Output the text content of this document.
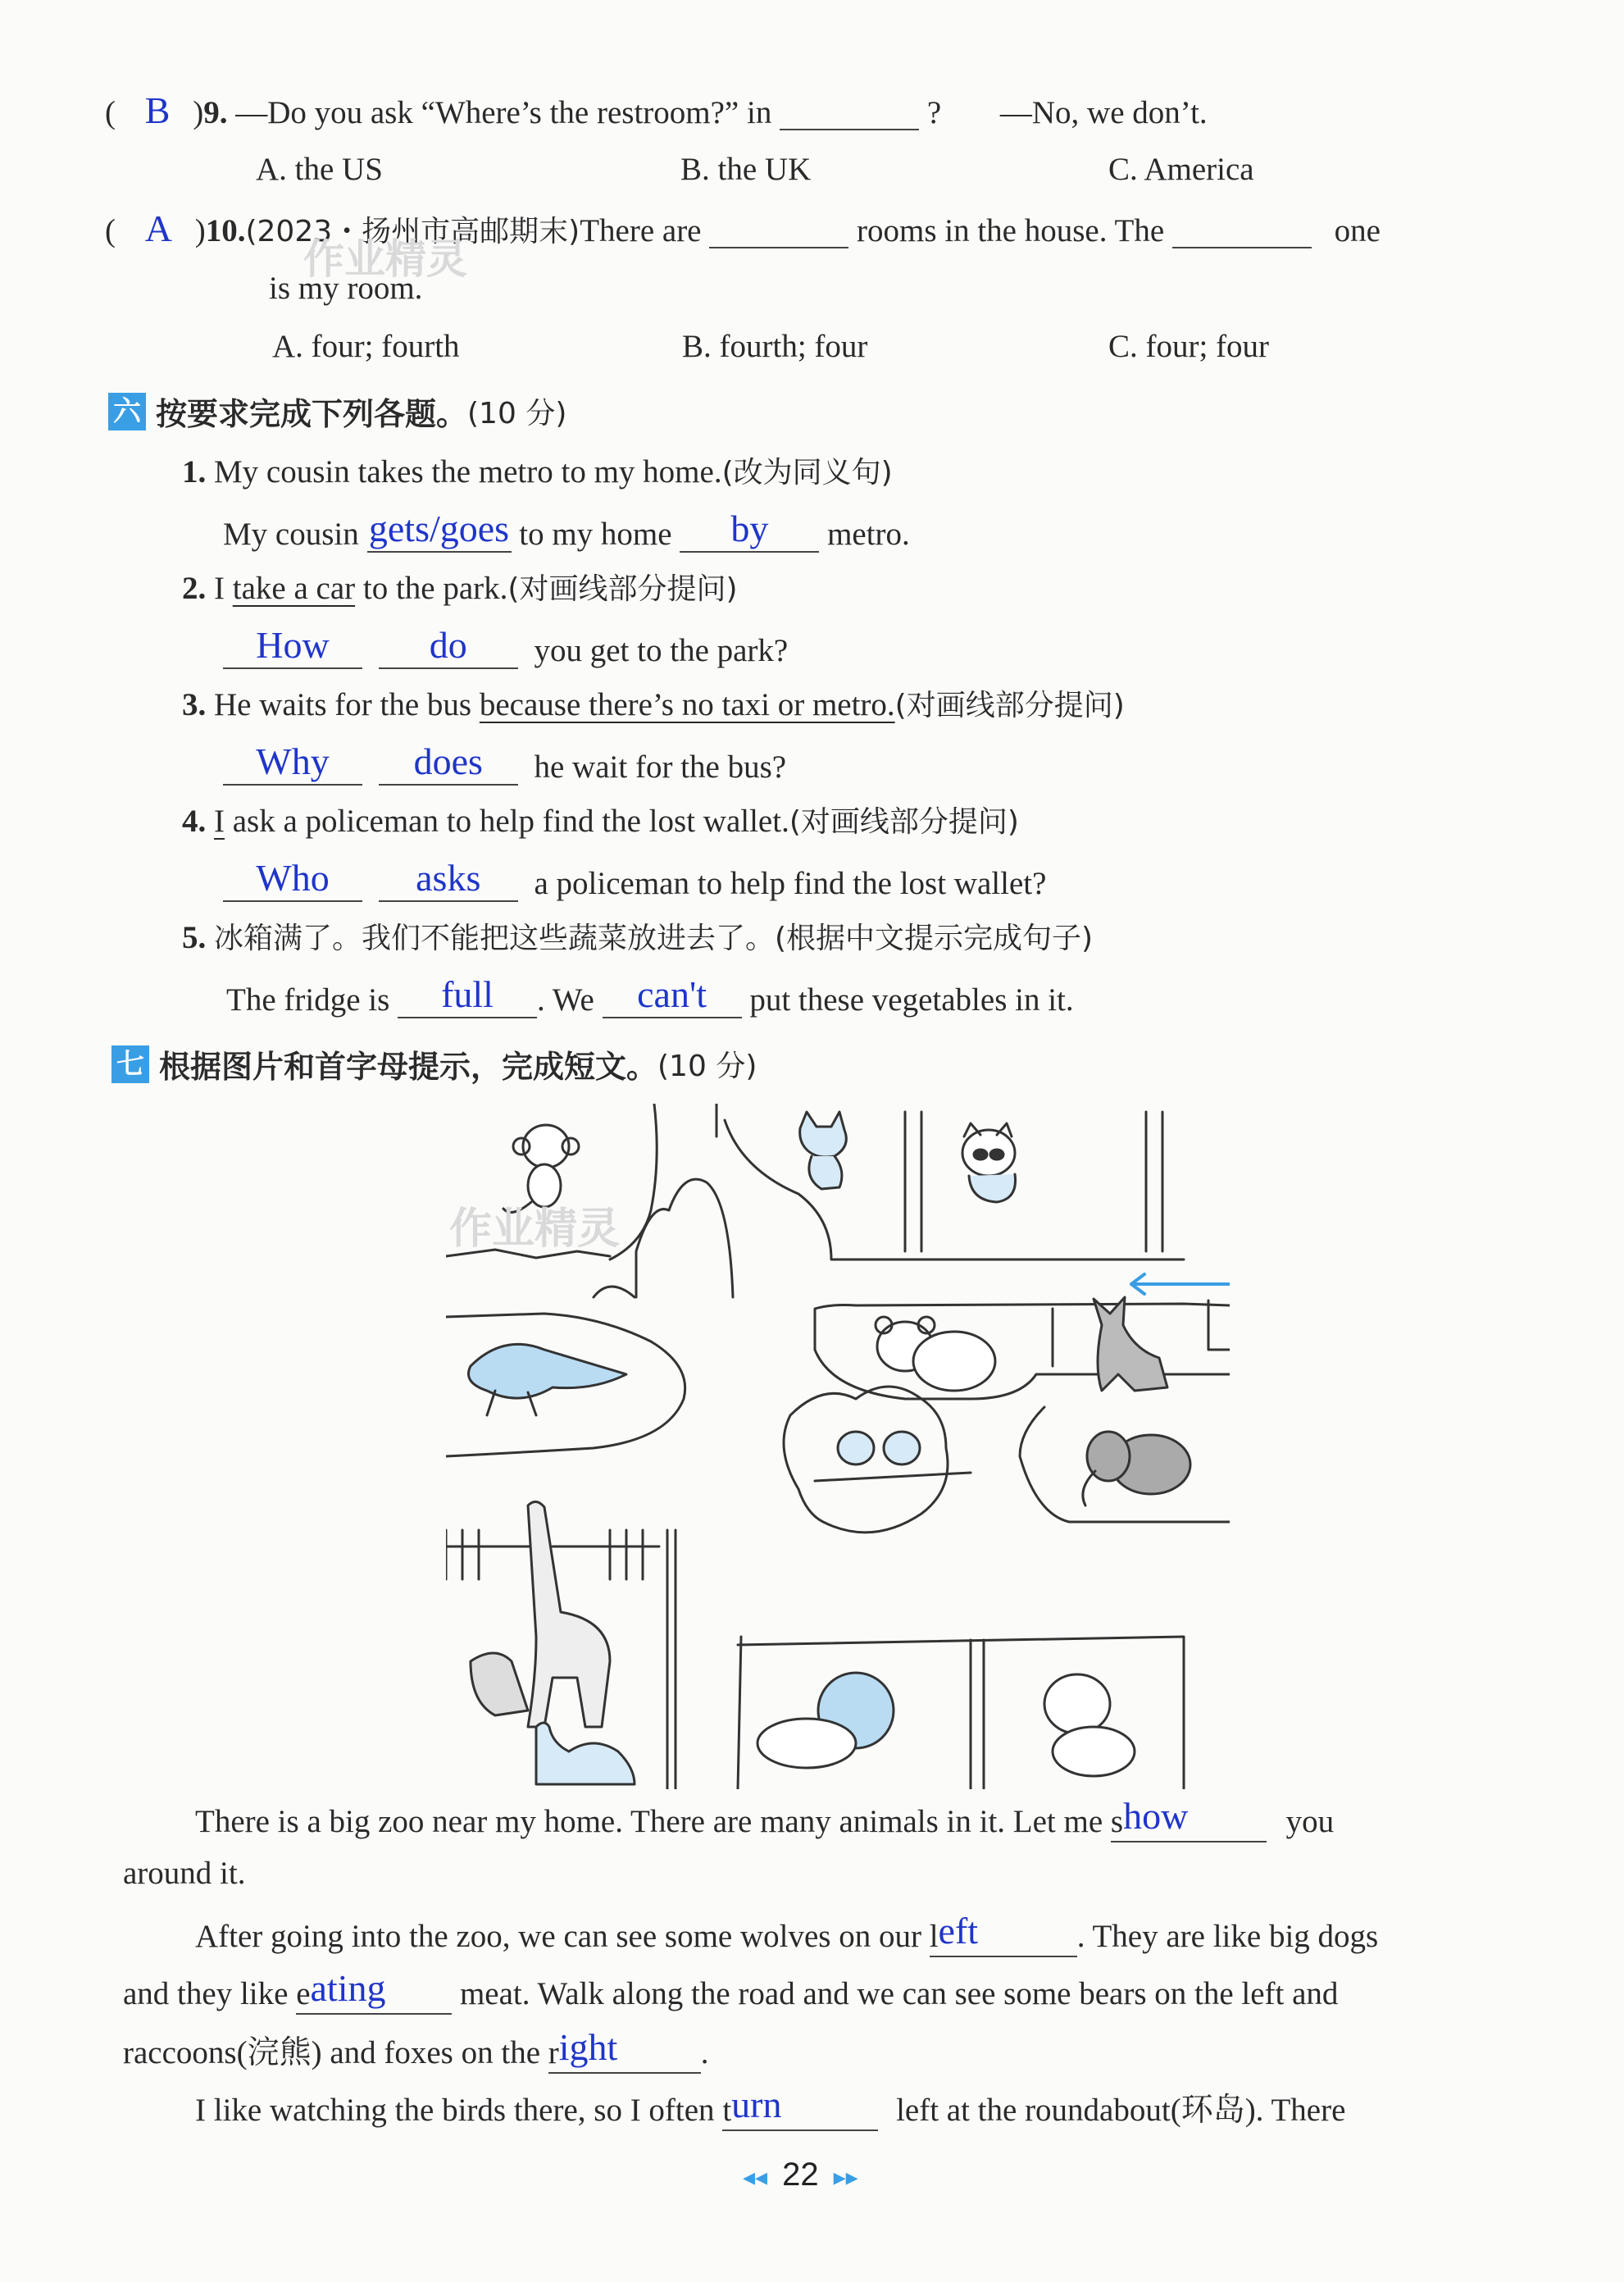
( B )9. —Do you ask “Where’s the restroom?” in	? —No, we don’t.
A. the US	B. the UK	C. America
( A )10.(2023・扬州市高邮期末)There are	rooms in the house. The	one
is my room.
作业精灵
A. four; fourth	B. fourth; four	C. four; four
六 按要求完成下列各题。(10 分)
1. My cousin takes the metro to my home.(改为同义句)
My cousin gets/goes to my home by metro.
2. I take a car to the park.(对画线部分提问)
How	do you get to the park?
3. He waits for the bus because there’s no taxi or metro.(对画线部分提问)
Why does he wait for the bus?
4. I ask a policeman to help find the lost wallet.(对画线部分提问)
Who asks a policeman to help find the lost wallet?
5. 冰箱满了。我们不能把这些蔬菜放进去了。(根据中文提示完成句子)
The fridge is full . We can't put these vegetables in it.
七 根据图片和首字母提示，完成短文。(10 分)
作业精灵
There is a big zoo near my home. There are many animals in it. Let me show	you
around it.
After going into the zoo, we can see some wolves on our left	. They are like big dogs
and they like eating meat. Walk along the road and we can see some bears on the left and
raccoons(浣熊) and foxes on the right	.
I like watching the birds there, so I often turn	left at the roundabout(环岛). There
◂◂ 22 ▸▸
